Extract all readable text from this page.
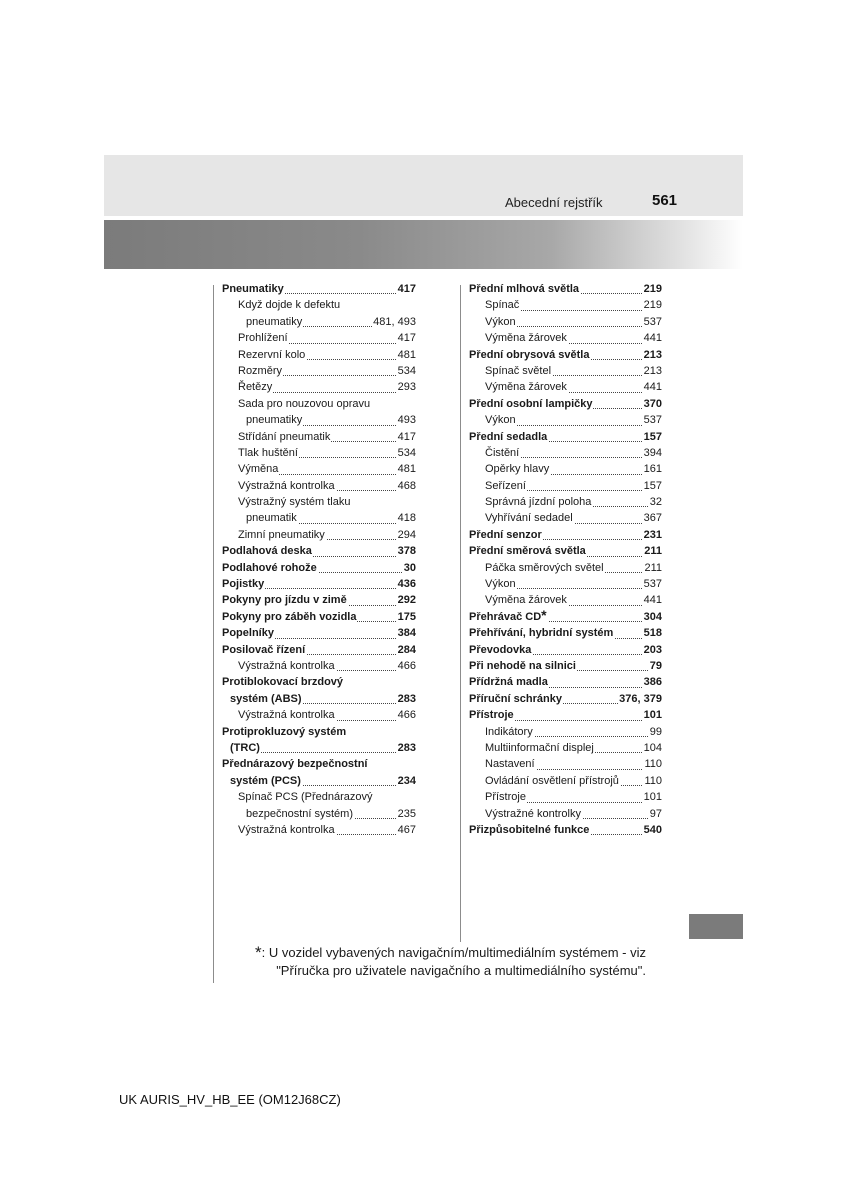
Abecední rejstřík	561
Pneumatiky	417
Když dojde k defektu
pneumatiky	481, 493
Prohlížení	417
Rezervní kolo	481
Rozměry	534
Řetězy	293
Sada pro nouzovou opravu
pneumatiky	493
Střídání pneumatik	417
Tlak huštění	534
Výměna	481
Výstražná kontrolka	468
Výstražný systém tlaku
pneumatik	418
Zimní pneumatiky	294
Podlahová deska	378
Podlahové rohože	30
Pojistky	436
Pokyny pro jízdu v zimě	292
Pokyny pro záběh vozidla	175
Popelníky	384
Posilovač řízení	284
Výstražná kontrolka	466
Protiblokovací brzdový
systém (ABS)	283
Výstražná kontrolka	466
Protiprokluzový systém
(TRC)	283
Přednárazový bezpečnostní
systém (PCS)	234
Spínač PCS (Přednárazový
bezpečnostní systém)	235
Výstražná kontrolka	467
Přední mlhová světla	219
Spínač	219
Výkon	537
Výměna žárovek	441
Přední obrysová světla	213
Spínač světel	213
Výměna žárovek	441
Přední osobní lampičky	370
Výkon	537
Přední sedadla	157
Čistění	394
Opěrky hlavy	161
Seřízení	157
Správná jízdní poloha	32
Vyhřívání sedadel	367
Přední senzor	231
Přední směrová světla	211
Páčka směrových světel	211
Výkon	537
Výměna žárovek	441
Přehrávač CD*	304
Přehřívání, hybridní systém	518
Převodovka	203
Při nehodě na silnici	79
Přídržná madla	386
Příruční schránky	376, 379
Přístroje	101
Indikátory	99
Multiinformační displej	104
Nastavení	110
Ovládání osvětlení přístrojů 110
Přístroje	101
Výstražné kontrolky	97
Přizpůsobitelné funkce	540
*: U vozidel vybavených navigačním/multimediálním systémem - viz
"Příručka pro uživatele navigačního a multimediálního systému".
UK AURIS_HV_HB_EE (OM12J68CZ)
